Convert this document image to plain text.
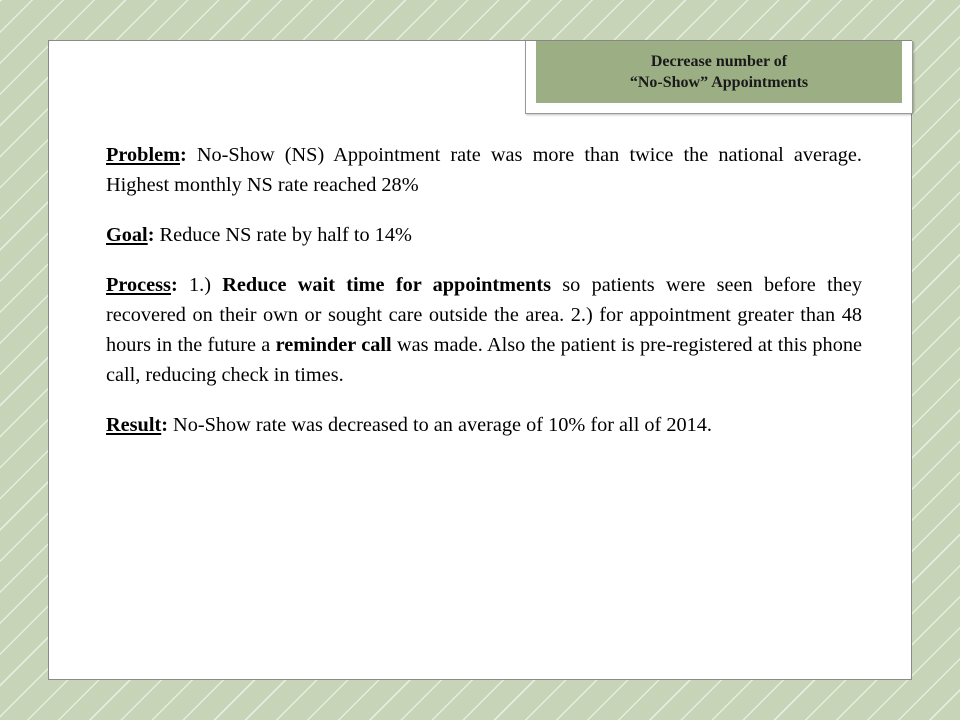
Decrease number of
“No-Show” Appointments

Problem: No-Show (NS) Appointment rate was more than twice the national average. Highest monthly NS rate reached 28%

Goal: Reduce NS rate by half to 14%

Process: 1.) Reduce wait time for appointments so patients were seen before they recovered on their own or sought care outside the area. 2.) for appointment greater than 48 hours in the future a reminder call was made. Also the patient is pre-registered at this phone call, reducing check in times.

Result: No-Show rate was decreased to an average of 10% for all of 2014.
